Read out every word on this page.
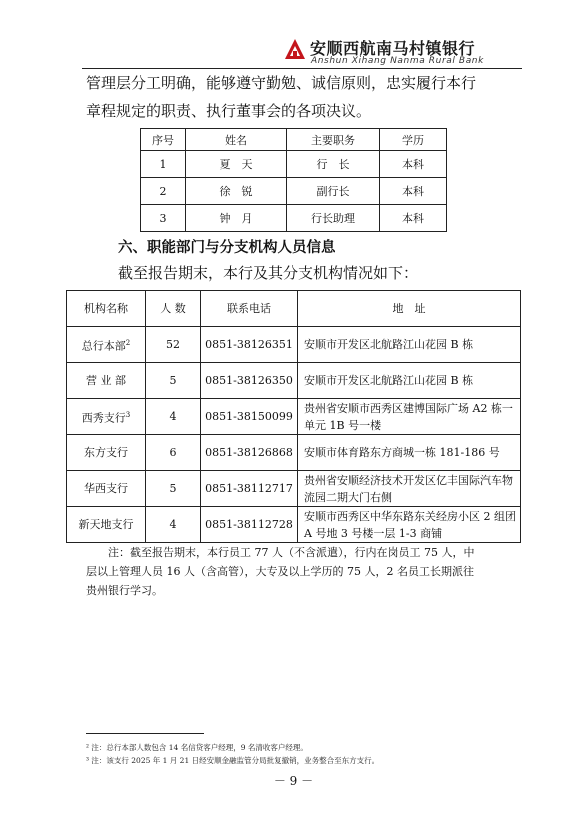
安顺西航南马村镇银行
Anshun Xihang Nanma Rural Bank
管理层分工明确，能够遵守勤勉、诚信原则，忠实履行本行
章程规定的职责、执行董事会的各项决议。
序号	姓名	主要职务	学历
1	夏　天	行　长	本科
2	徐　锐	副行长	本科
3	钟　月	行长助理	本科
六、职能部门与分支机构人员信息
截至报告期末，本行及其分支机构情况如下：
机构名称	人 数	联系电话	地　址
总行本部$^2$	52	0851-38126351	安顺市开发区北航路江山花园 B 栋
营 业 部	5	0851-38126350	安顺市开发区北航路江山花园 B 栋
西秀支行$^3$	4	0851-38150099	贵州省安顺市西秀区建博国际广场 A2 栋一单元 1B 号一楼
东方支行	6	0851-38126868	安顺市体育路东方商城一栋 181-186 号
华西支行	5	0851-38112717	贵州省安顺经济技术开发区亿丰国际汽车物流园二期大门右侧
新天地支行	4	0851-38112728	安顺市西秀区中华东路东关经房小区 2 组团 A 号地 3 号楼一层 1-3 商铺
注：截至报告期末，本行员工 77 人（不含派遣），行内在岗员工 75 人，中
层以上管理人员 16 人（含高管），大专及以上学历的 75 人，2 名员工长期派往
贵州银行学习。
² 注：总行本部人数包含 14 名信贷客户经理，9 名清收客户经理。
³ 注：该支行 2025 年 1 月 21 日经安顺金融监管分局批复撤销，业务整合至东方支行。
－ 9 －
